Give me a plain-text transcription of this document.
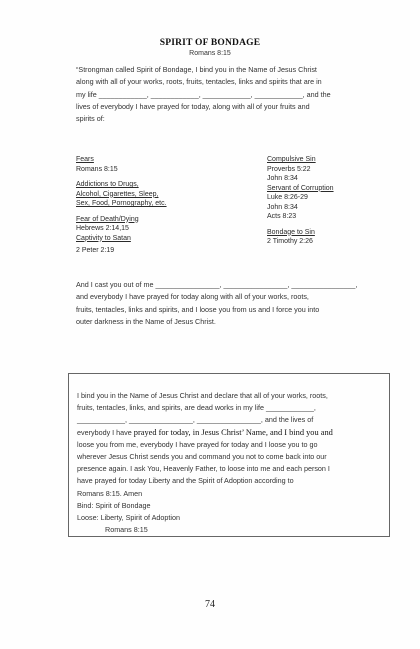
SPIRIT OF BONDAGE
Romans 8:15
“Strongman called Spirit of Bondage, I bind you in the Name of Jesus Christ
along with all of your works, roots, fruits, tentacles, links and spirits that are in
my life ____________, ____________, ____________, ____________, and the
lives of everybody I have prayed for today, along with all of your fruits and
spirits of:
Fears
Romans 8:15
Addictions to Drugs,
Alcohol, Cigarettes, Sleep,
Sex, Food, Pornography, etc.
Fear of Death/Dying
Hebrews 2:14,15
Captivity to Satan
2 Peter 2:19
Compulsive Sin
Proverbs 5:22
John 8:34
Servant of Corruption
Luke 8:26-29
John 8:34
Acts 8:23
Bondage to Sin
2 Timothy 2:26
And I cast you out of me ________________, ________________, ________________,
and everybody I have prayed for today along with all of your works, roots,
fruits, tentacles, links and spirits, and I loose you from us and I force you into
outer darkness in the Name of Jesus Christ.
I bind you in the Name of Jesus Christ and declare that all of your works, roots,
fruits, tentacles, links, and spirits, are dead works in my life ____________,
____________, ________________, ________________, and the lives of
everybody I have prayed for today, in Jesus Christ’ Name, and I bind you and
loose you from me, everybody I have prayed for today and I loose you to go
wherever Jesus Christ sends you and command you not to come back into our
presence again. I ask You, Heavenly Father, to loose into me and each person I
have prayed for today Liberty and the Spirit of Adoption according to
Romans 8:15. Amen
Bind: Spirit of Bondage
Loose: Liberty, Spirit of Adoption
Romans 8:15
74
